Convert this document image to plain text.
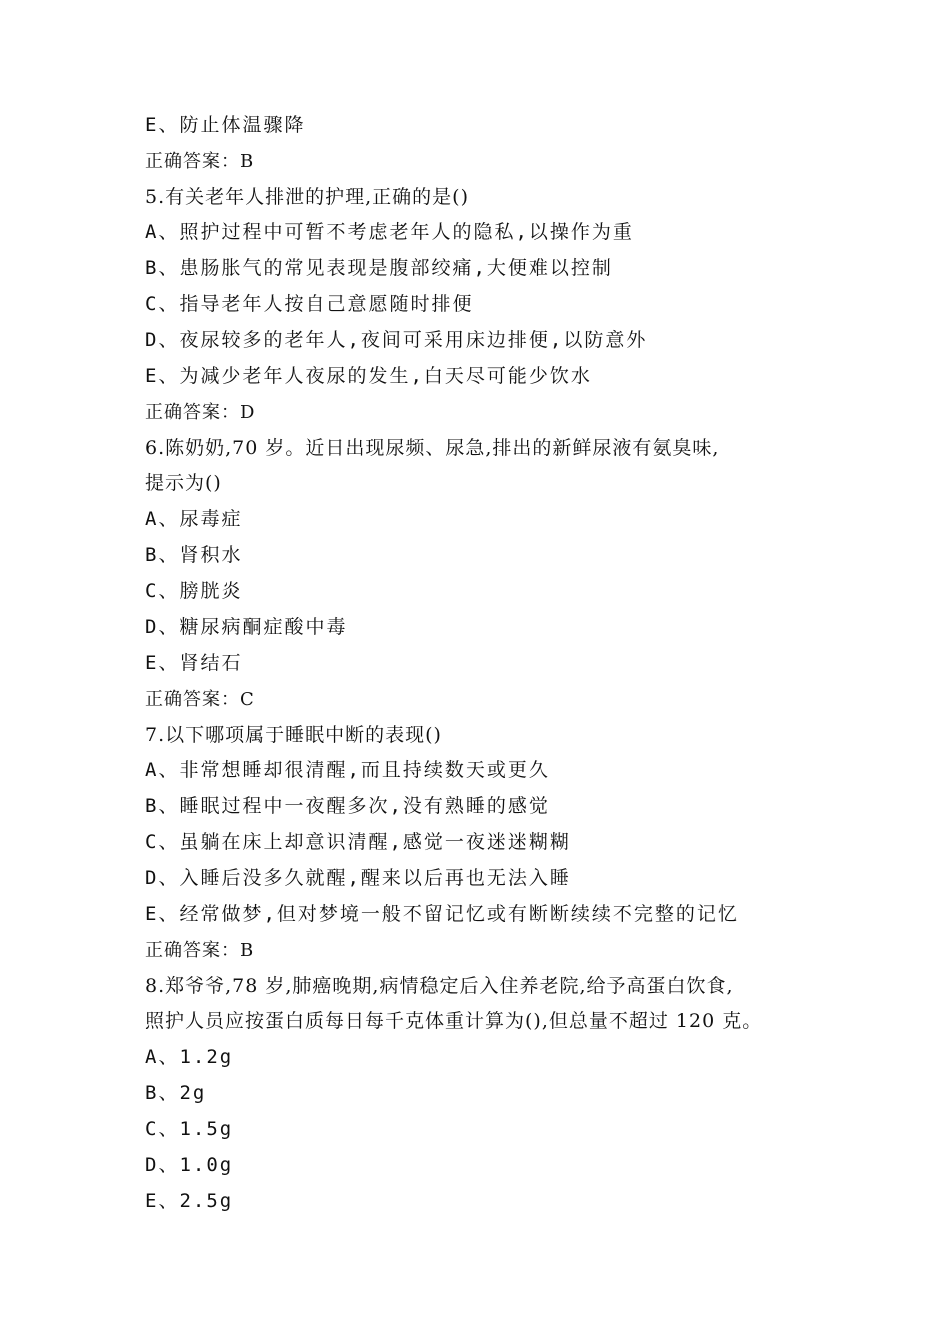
E、防止体温骤降
正确答案：B
5.有关老年人排泄的护理,正确的是()
A、照护过程中可暂不考虑老年人的隐私,以操作为重
B、患肠胀气的常见表现是腹部绞痛,大便难以控制
C、指导老年人按自己意愿随时排便
D、夜尿较多的老年人,夜间可采用床边排便,以防意外
E、为减少老年人夜尿的发生,白天尽可能少饮水
正确答案：D
6.陈奶奶,70 岁。近日出现尿频、尿急,排出的新鲜尿液有氨臭味,
提示为()
A、尿毒症
B、肾积水
C、膀胱炎
D、糖尿病酮症酸中毒
E、肾结石
正确答案：C
7.以下哪项属于睡眠中断的表现()
A、非常想睡却很清醒,而且持续数天或更久
B、睡眠过程中一夜醒多次,没有熟睡的感觉
C、虽躺在床上却意识清醒,感觉一夜迷迷糊糊
D、入睡后没多久就醒,醒来以后再也无法入睡
E、经常做梦,但对梦境一般不留记忆或有断断续续不完整的记忆
正确答案：B
8.郑爷爷,78 岁,肺癌晚期,病情稳定后入住养老院,给予高蛋白饮食,
照护人员应按蛋白质每日每千克体重计算为(),但总量不超过 120 克。
A、1.2g
B、2g
C、1.5g
D、1.0g
E、2.5g
